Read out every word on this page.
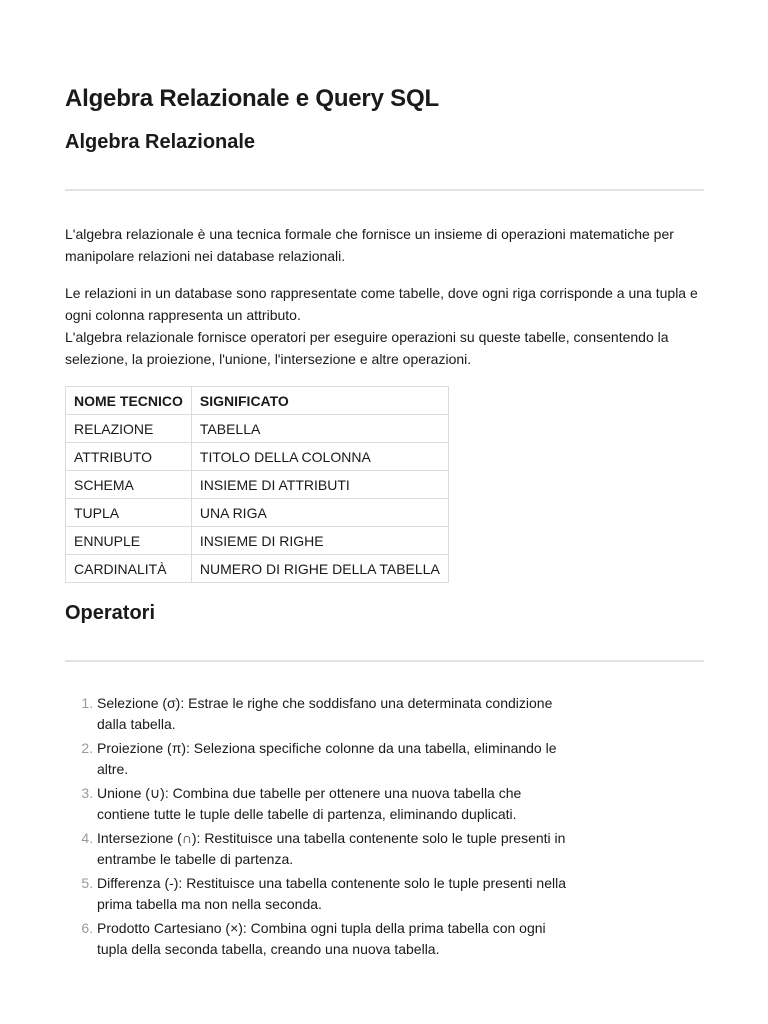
Algebra Relazionale e Query SQL
Algebra Relazionale

L'algebra relazionale è una tecnica formale che fornisce un insieme di operazioni matematiche per manipolare relazioni nei database relazionali.

Le relazioni in un database sono rappresentate come tabelle, dove ogni riga corrisponde a una tupla e ogni colonna rappresenta un attributo.
L'algebra relazionale fornisce operatori per eseguire operazioni su queste tabelle, consentendo la selezione, la proiezione, l'unione, l'intersezione e altre operazioni.

NOME TECNICO	SIGNIFICATO
RELAZIONE	TABELLA
ATTRIBUTO	TITOLO DELLA COLONNA
SCHEMA	INSIEME DI ATTRIBUTI
TUPLA	UNA RIGA
ENNUPLE	INSIEME DI RIGHE
CARDINALITÀ	NUMERO DI RIGHE DELLA TABELLA
Operatori
1. Selezione (σ): Estrae le righe che soddisfano una determinata condizione dalla tabella.
2. Proiezione (π): Seleziona specifiche colonne da una tabella, eliminando le altre.
3. Unione (∪): Combina due tabelle per ottenere una nuova tabella che contiene tutte le tuple delle tabelle di partenza, eliminando duplicati.
4. Intersezione (∩): Restituisce una tabella contenente solo le tuple presenti in entrambe le tabelle di partenza.
5. Differenza (-): Restituisce una tabella contenente solo le tuple presenti nella prima tabella ma non nella seconda.
6. Prodotto Cartesiano (×): Combina ogni tupla della prima tabella con ogni tupla della seconda tabella, creando una nuova tabella.
